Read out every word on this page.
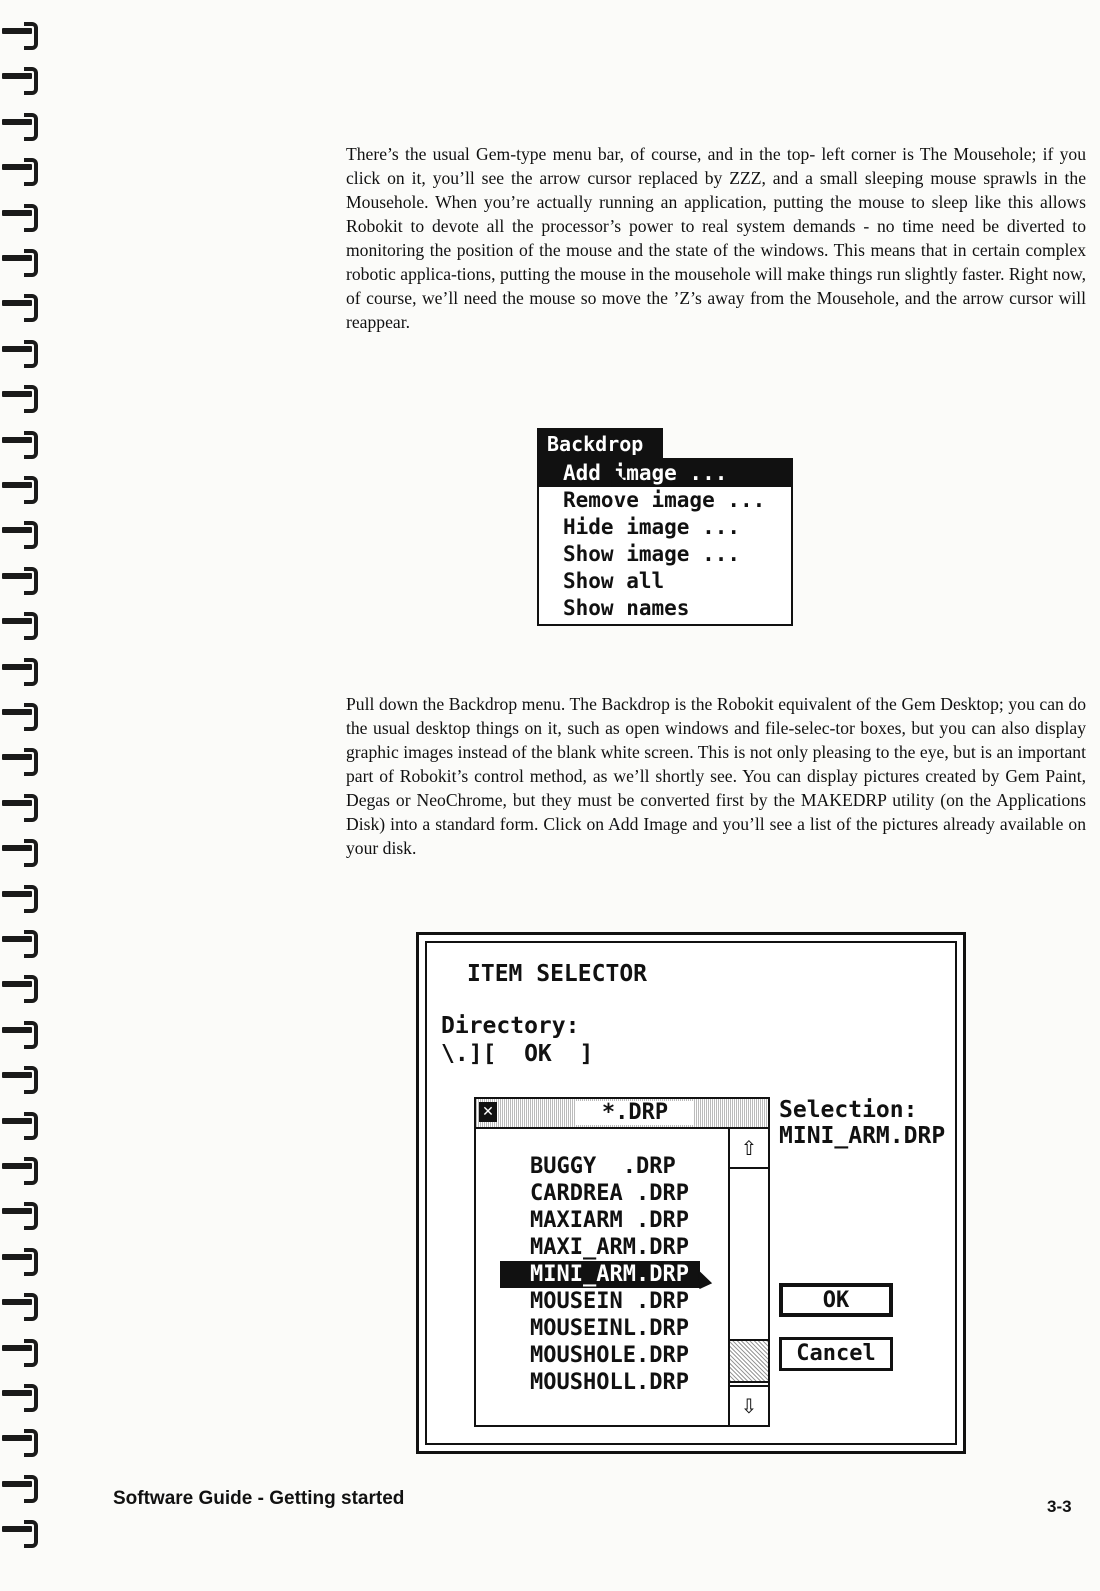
There’s the usual Gem-type menu bar, of course, and in the top- left corner is The Mousehole; if you click on it, you’ll see the arrow cursor replaced by ZZZ, and a small sleeping mouse sprawls in the Mousehole. When you’re actually running an application, putting the mouse to sleep like this allows Robokit to devote all the processor’s power to real system demands - no time need be diverted to monitoring the position of the mouse and the state of the windows. This means that in certain complex robotic applica-tions, putting the mouse in the mousehole will make things run slightly faster. Right now, of course, we’ll need the mouse so move the ’Z’s away from the Mousehole, and the arrow cursor will reappear.

Backdrop
Add image ...
Remove image ...
Hide image ...
Show image ...
Show all
Show names

Pull down the Backdrop menu. The Backdrop is the Robokit equivalent of the Gem Desktop; you can do the usual desktop things on it, such as open windows and file-selec-tor boxes, but you can also display graphic images instead of the blank white screen. This is not only pleasing to the eye, but is an important part of Robokit’s control method, as we’ll shortly see. You can display pictures created by Gem Paint, Degas or NeoChrome, but they must be converted first by the MAKEDRP utility (on the Applications Disk) into a standard form. Click on Add Image and you’ll see a list of the pictures already available on your disk.

ITEM SELECTOR
Directory:
\.][  OK  ]
✕	*.DRP
BUGGY  .DRP
CARDREA .DRP
MAXIARM .DRP
MAXI_ARM.DRP
MINI_ARM.DRP
MOUSEIN .DRP
MOUSEINL.DRP
MOUSHOLE.DRP
MOUSHOLL.DRP
⇧
⇩
Selection:
MINI_ARM.DRP
OK
Cancel
Software Guide - Getting started	3-3
